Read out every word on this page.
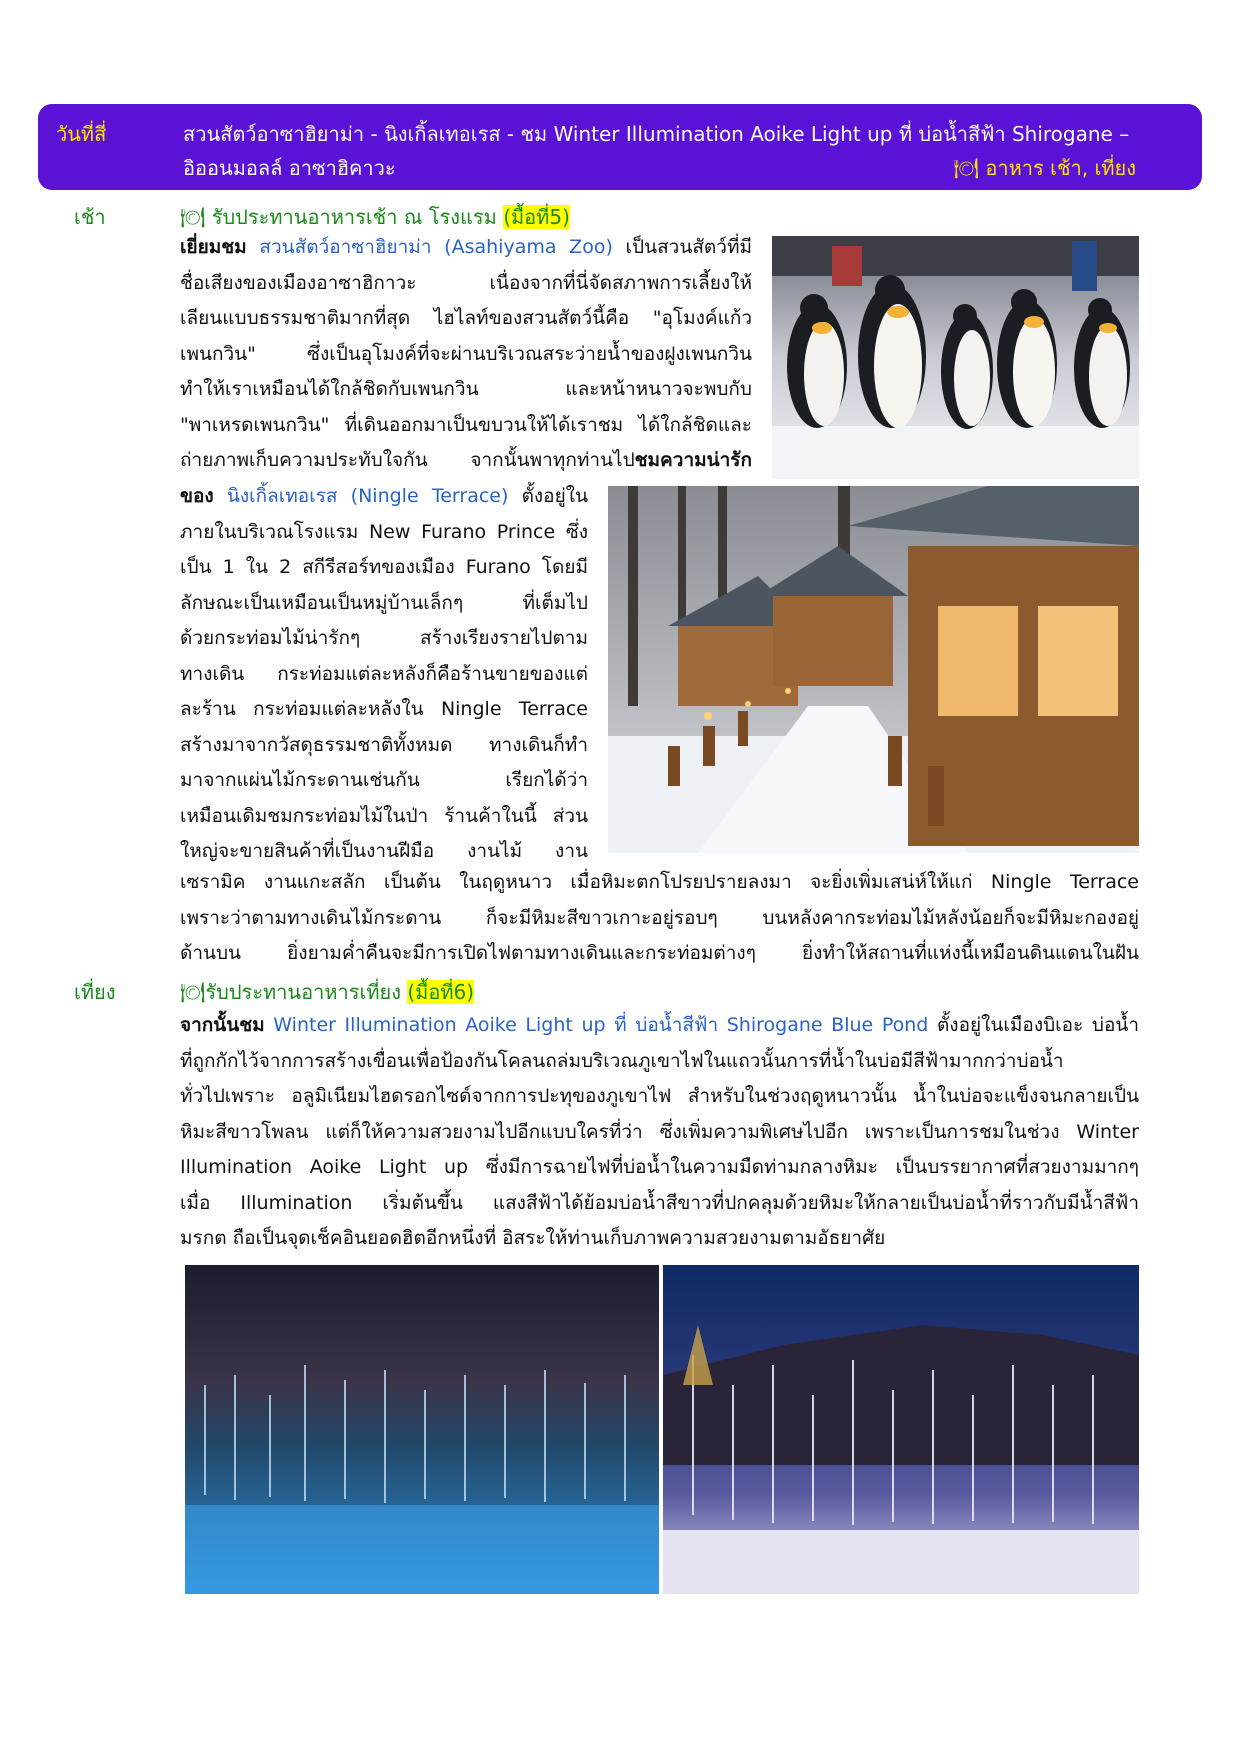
วันที่สี่	สวนสัตว์อาซาฮิยาม่า - นิงเกิ้ลเทอเรส - ชม Winter Illumination Aoike Light up ที่ บ่อน้ำสีฟ้า Shirogane –
อิออนมอลล์ อาซาฮิคาวะ	🍽 อาหาร เช้า, เที่ยง
เช้า	🍽 รับประทานอาหารเช้า ณ โรงแรม (มื้อที่5)
เยี่ยมชม สวนสัตว์อาซาฮิยาม่า (Asahiyama Zoo) เป็นสวนสัตว์ที่มี
ชื่อเสียงของเมืองอาซาฮิกาวะ เนื่องจากที่นี่จัดสภาพการเลี้ยงให้
เลียนแบบธรรมชาติมากที่สุด ไฮไลท์ของสวนสัตว์นี้คือ "อุโมงค์แก้ว
เพนกวิน" ซึ่งเป็นอุโมงค์ที่จะผ่านบริเวณสระว่ายน้ำของฝูงเพนกวิน
ทำให้เราเหมือนได้ใกล้ชิดกับเพนกวิน และหน้าหนาวจะพบกับ
"พาเหรดเพนกวิน" ที่เดินออกมาเป็นขบวนให้ได้เราชม ได้ใกล้ชิดและ
ถ่ายภาพเก็บความประทับใจกัน จากนั้นพาทุกท่านไปชมความน่ารัก
ของ นิงเกิ้ลเทอเรส (Ningle Terrace) ตั้งอยู่ใน
ภายในบริเวณโรงแรม New Furano Prince ซึ่ง
เป็น 1 ใน 2 สกีรีสอร์ทของเมือง Furano โดยมี
ลักษณะเป็นเหมือนเป็นหมู่บ้านเล็กๆ ที่เต็มไป
ด้วยกระท่อมไม้น่ารักๆ สร้างเรียงรายไปตาม
ทางเดิน กระท่อมแต่ละหลังก็คือร้านขายของแต่
ละร้าน กระท่อมแต่ละหลังใน Ningle Terrace
สร้างมาจากวัสดุธรรมชาติทั้งหมด ทางเดินก็ทำ
มาจากแผ่นไม้กระดานเช่นกัน เรียกได้ว่า
เหมือนเดิมชมกระท่อมไม้ในป่า ร้านค้าในนี้ ส่วน
ใหญ่จะขายสินค้าที่เป็นงานฝีมือ งานไม้ งาน
เซรามิค งานแกะสลัก เป็นต้น ในฤดูหนาว เมื่อหิมะตกโปรยปรายลงมา จะยิ่งเพิ่มเสน่ห์ให้แก่ Ningle Terrace
เพราะว่าตามทางเดินไม้กระดาน ก็จะมีหิมะสีขาวเกาะอยู่รอบๆ บนหลังคากระท่อมไม้หลังน้อยก็จะมีหิมะกองอยู่
ด้านบน ยิ่งยามค่ำคืนจะมีการเปิดไฟตามทางเดินและกระท่อมต่างๆ ยิ่งทำให้สถานที่แห่งนี้เหมือนดินแดนในฝัน
เที่ยง	🍽รับประทานอาหารเที่ยง (มื้อที่6)
จากนั้นชม Winter Illumination Aoike Light up ที่ บ่อน้ำสีฟ้า Shirogane Blue Pond ตั้งอยู่ในเมืองบิเอะ บ่อน้ำ
ที่ถูกกักไว้จากการสร้างเขื่อนเพื่อป้องกันโคลนถล่มบริเวณภูเขาไฟในแถวนั้นการที่น้ำในบ่อมีสีฟ้ามากกว่าบ่อน้ำ
ทั่วไปเพราะ อลูมิเนียมไฮดรอกไซด์จากการปะทุของภูเขาไฟ สำหรับในช่วงฤดูหนาวนั้น น้ำในบ่อจะแข็งจนกลายเป็น
หิมะสีขาวโพลน แต่ก็ให้ความสวยงามไปอีกแบบใครที่ว่า ซึ่งเพิ่มความพิเศษไปอีก เพราะเป็นการชมในช่วง Winter
Illumination Aoike Light up ซึ่งมีการฉายไฟที่บ่อน้ำในความมืดท่ามกลางหิมะ เป็นบรรยากาศที่สวยงามมากๆ
เมื่อ Illumination เริ่มต้นขึ้น แสงสีฟ้าได้ย้อมบ่อน้ำสีขาวที่ปกคลุมด้วยหิมะให้กลายเป็นบ่อน้ำที่ราวกับมีน้ำสีฟ้า
มรกต ถือเป็นจุดเช็คอินยอดฮิตอีกหนึ่งที่ อิสระให้ท่านเก็บภาพความสวยงามตามอัธยาศัย
